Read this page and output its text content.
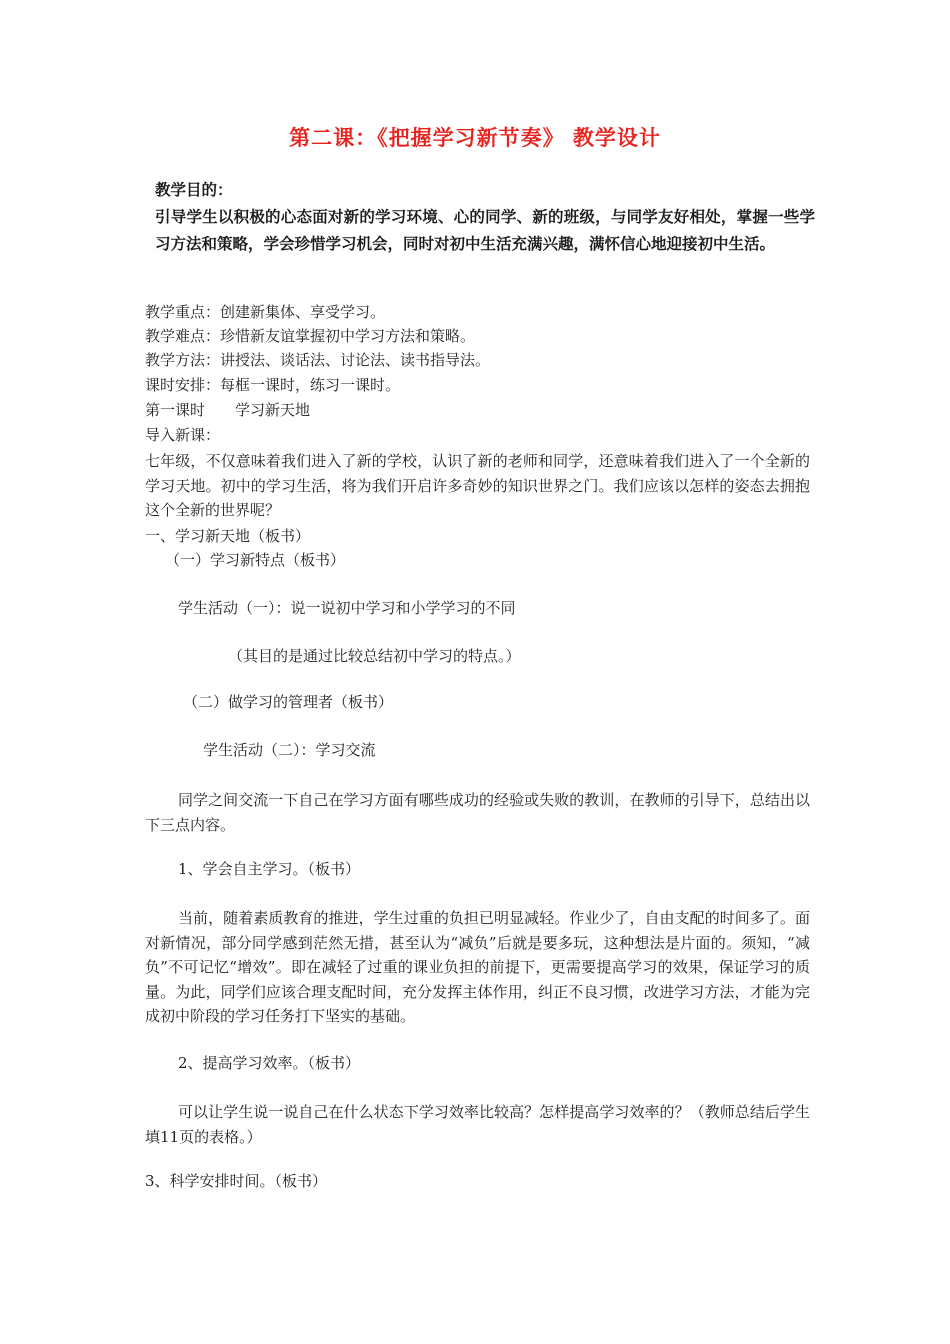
第二课：《把握学习新节奏》 教学设计
教学目的：
引导学生以积极的心态面对新的学习环境、心的同学、新的班级，与同学友好相处，掌握一些学习方法和策略，学会珍惜学习机会，同时对初中生活充满兴趣，满怀信心地迎接初中生活。
教学重点：创建新集体、享受学习。
教学难点：珍惜新友谊掌握初中学习方法和策略。
教学方法：讲授法、谈话法、讨论法、读书指导法。
课时安排：每框一课时，练习一课时。
第一课时　　学习新天地
导入新课：
七年级，不仅意味着我们进入了新的学校，认识了新的老师和同学，还意味着我们进入了一个全新的学习天地。初中的学习生活，将为我们开启许多奇妙的知识世界之门。我们应该以怎样的姿态去拥抱这个全新的世界呢？
一、学习新天地（板书）
（一）学习新特点（板书）
学生活动（一）：说一说初中学习和小学学习的不同
（其目的是通过比较总结初中学习的特点。）
（二）做学习的管理者（板书）
学生活动（二）：学习交流
同学之间交流一下自己在学习方面有哪些成功的经验或失败的教训，在教师的引导下，总结出以下三点内容。
1、学会自主学习。（板书）
当前，随着素质教育的推进，学生过重的负担已明显减轻。作业少了，自由支配的时间多了。面对新情况，部分同学感到茫然无措，甚至认为“减负”后就是要多玩，这种想法是片面的。须知，“减负”不可记忆“增效”。即在减轻了过重的课业负担的前提下，更需要提高学习的效果，保证学习的质量。为此，同学们应该合理支配时间，充分发挥主体作用，纠正不良习惯，改进学习方法，才能为完成初中阶段的学习任务打下坚实的基础。
2、提高学习效率。（板书）
可以让学生说一说自己在什么状态下学习效率比较高？怎样提高学习效率的？（教师总结后学生填11页的表格。）
3、科学安排时间。（板书）
